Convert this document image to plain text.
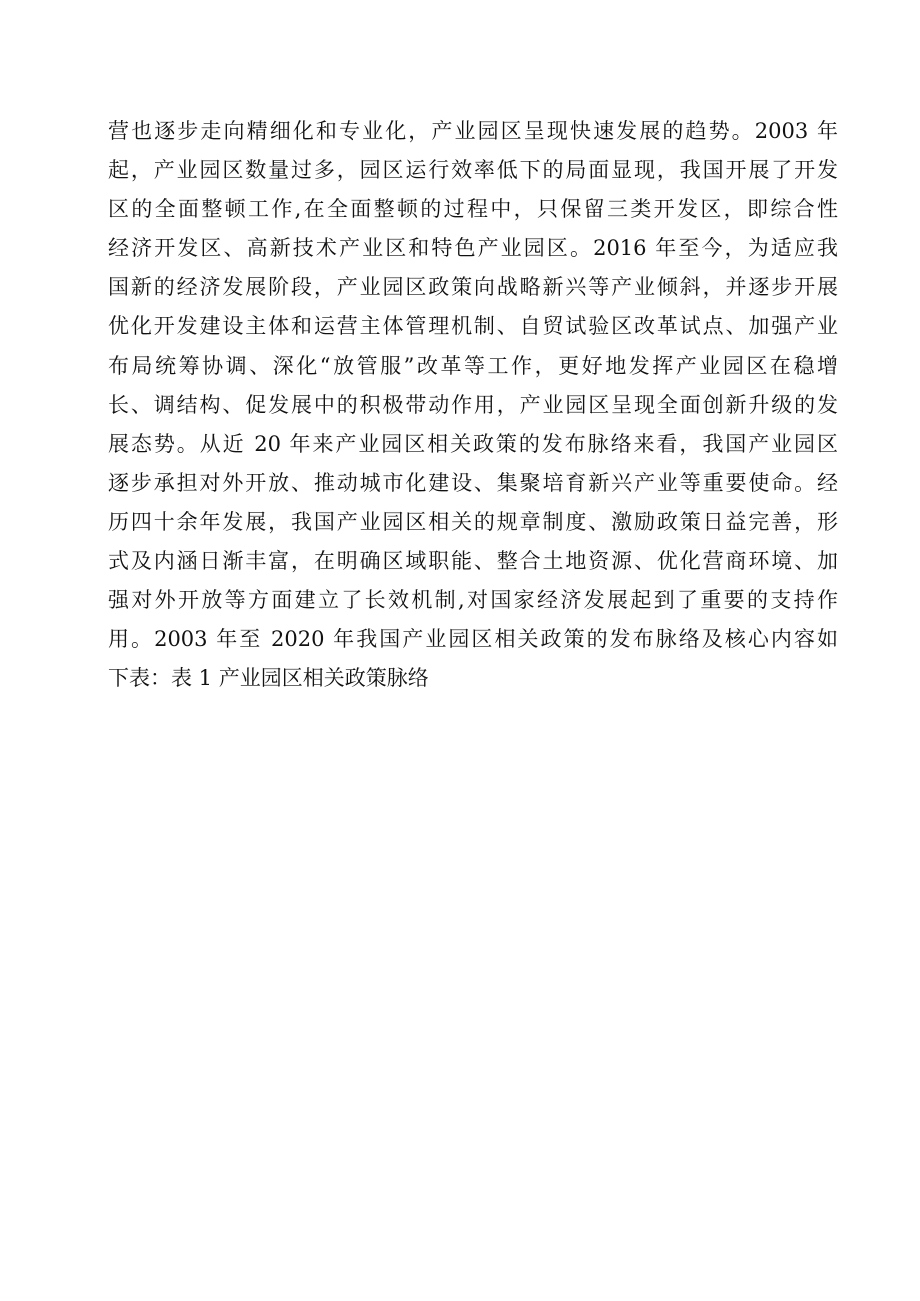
营也逐步走向精细化和专业化，产业园区呈现快速发展的趋势。2003 年
起，产业园区数量过多，园区运行效率低下的局面显现，我国开展了开发
区的全面整顿工作,在全面整顿的过程中，只保留三类开发区，即综合性
经济开发区、高新技术产业区和特色产业园区。2016 年至今，为适应我
国新的经济发展阶段，产业园区政策向战略新兴等产业倾斜，并逐步开展
优化开发建设主体和运营主体管理机制、自贸试验区改革试点、加强产业
布局统筹协调、深化“放管服”改革等工作，更好地发挥产业园区在稳增
长、调结构、促发展中的积极带动作用，产业园区呈现全面创新升级的发
展态势。从近 20 年来产业园区相关政策的发布脉络来看，我国产业园区
逐步承担对外开放、推动城市化建设、集聚培育新兴产业等重要使命。经
历四十余年发展，我国产业园区相关的规章制度、激励政策日益完善，形
式及内涵日渐丰富，在明确区域职能、整合土地资源、优化营商环境、加
强对外开放等方面建立了长效机制,对国家经济发展起到了重要的支持作
用。2003 年至 2020 年我国产业园区相关政策的发布脉络及核心内容如
下表：表 1 产业园区相关政策脉络
